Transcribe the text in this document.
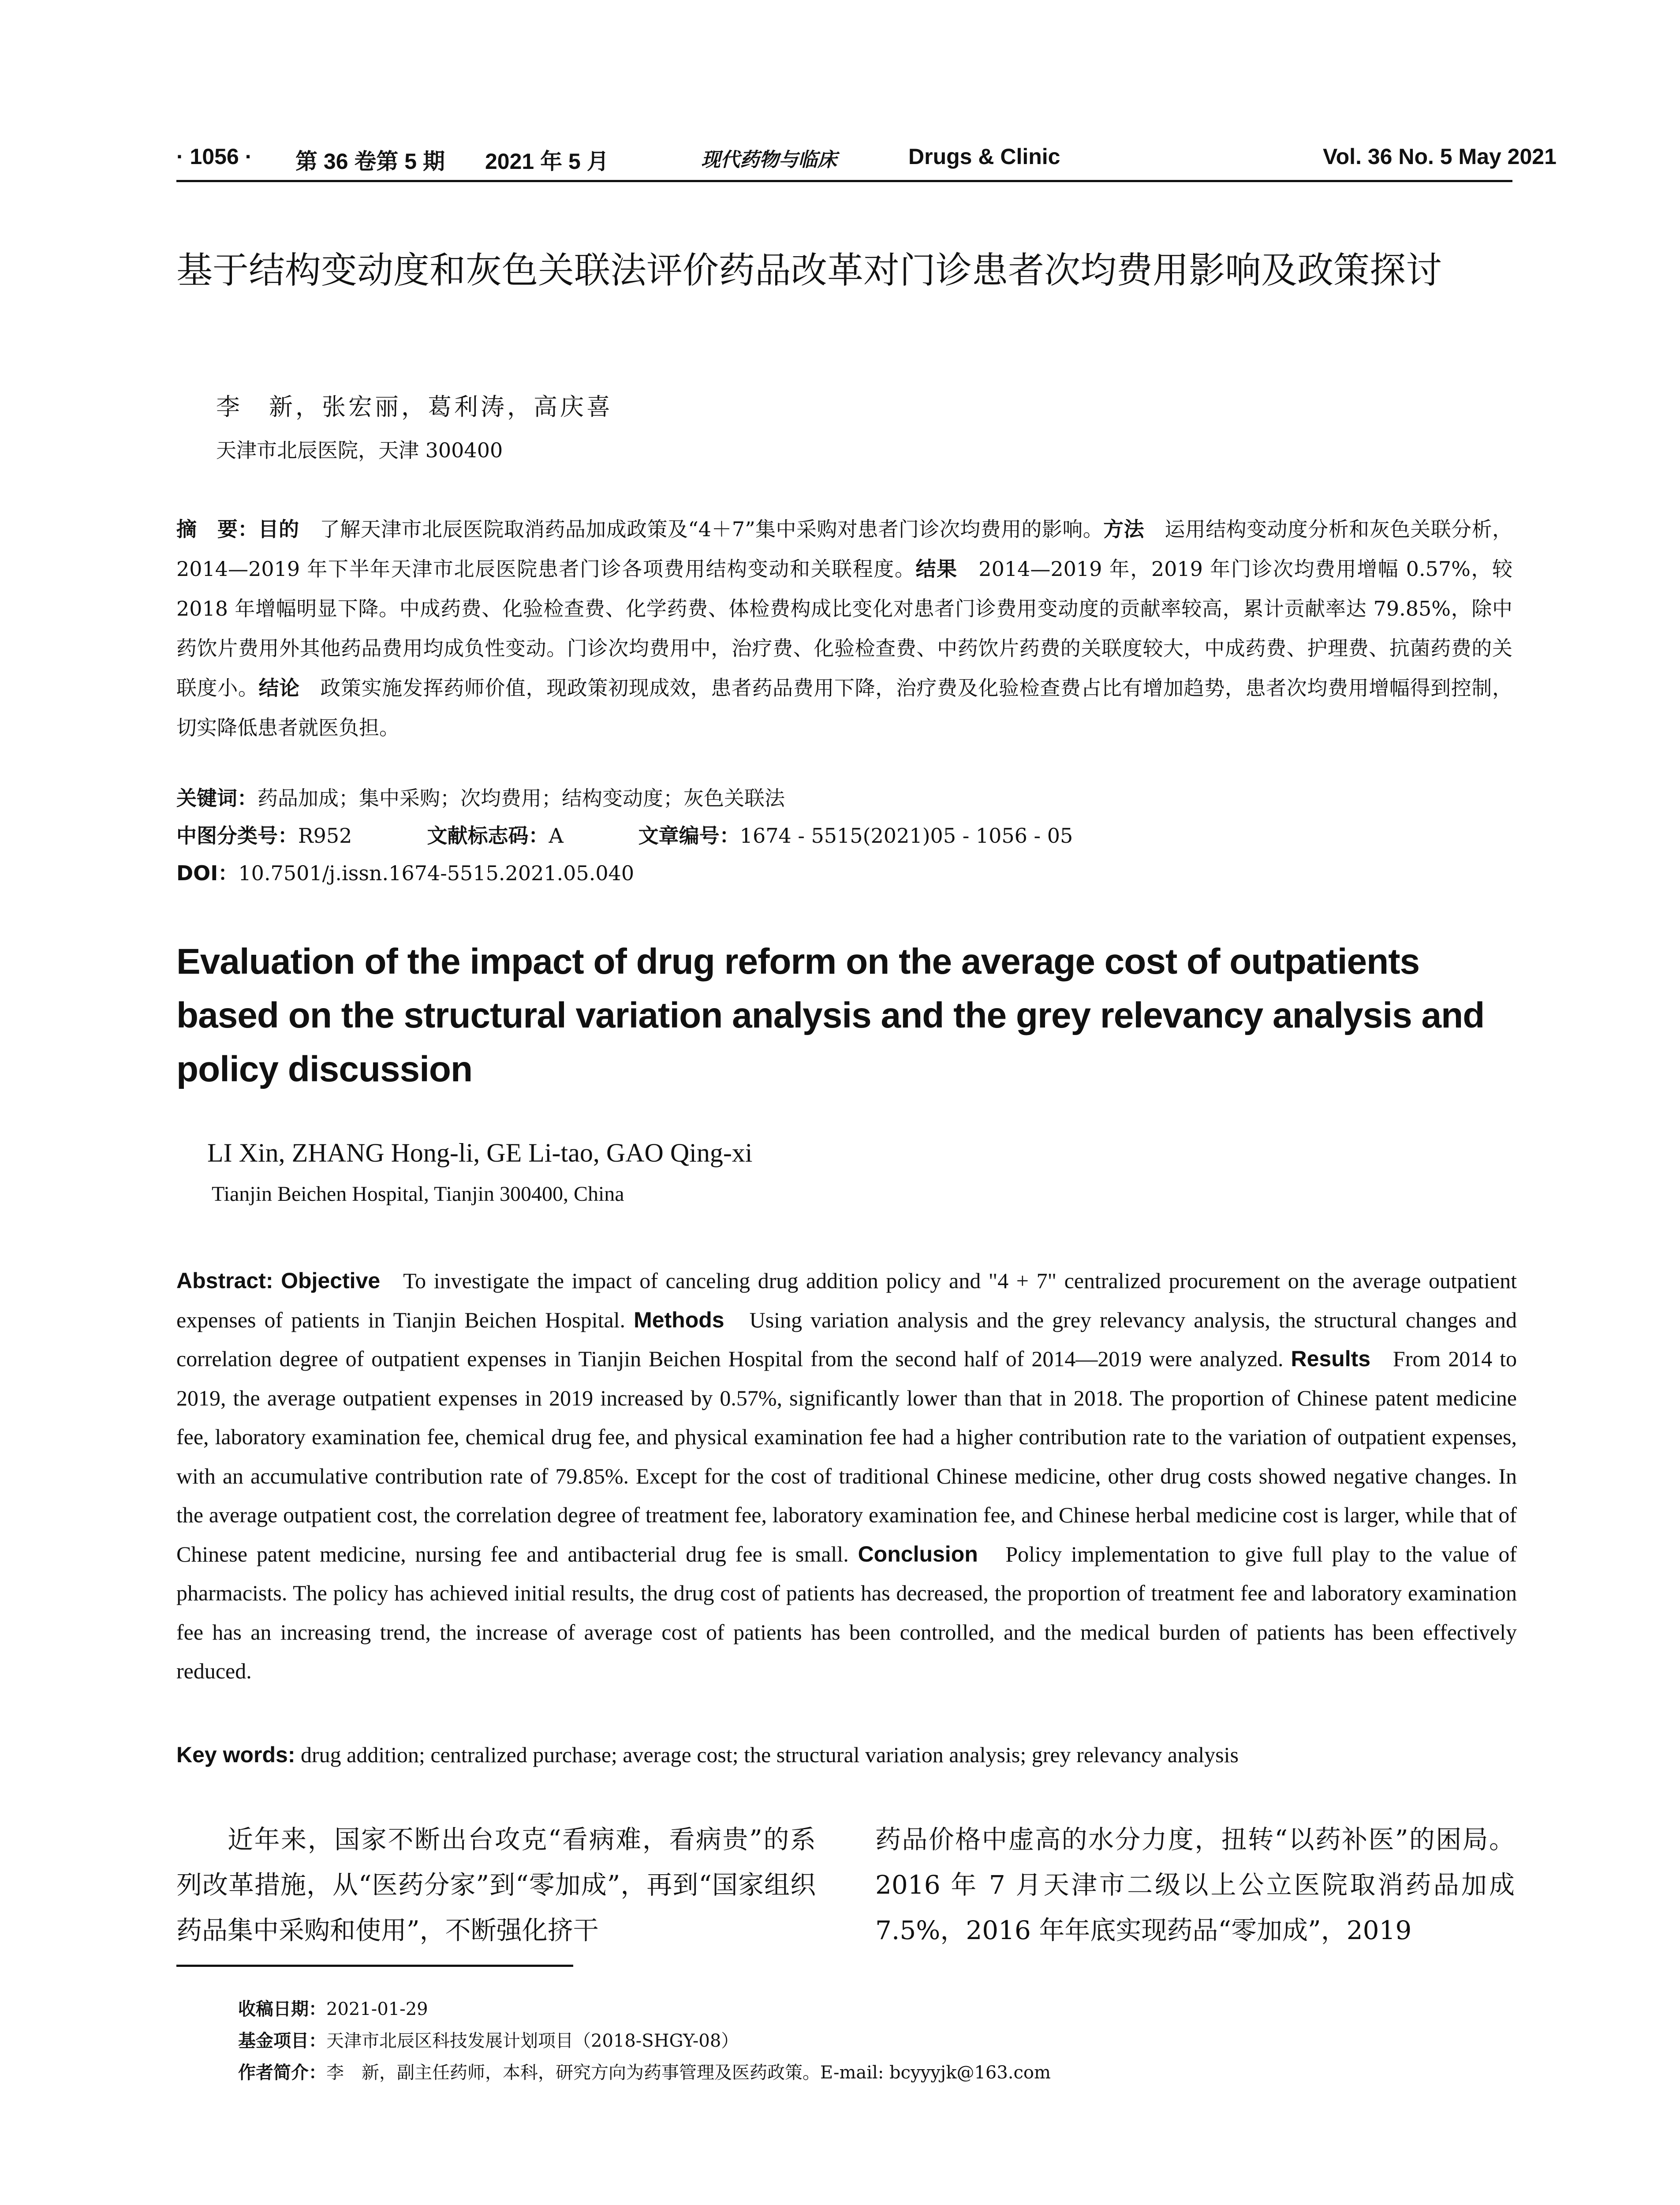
· 1056 · 第 36 卷第 5 期 2021 年 5 月	现代药物与临床	Drugs & Clinic	Vol. 36 No. 5 May 2021
基于结构变动度和灰色关联法评价药品改革对门诊患者次均费用影响及政策探讨
李　新，张宏丽，葛利涛，高庆喜
天津市北辰医院，天津 300400
摘　要：目的　了解天津市北辰医院取消药品加成政策及“4＋7”集中采购对患者门诊次均费用的影响。方法　运用结构变动度分析和灰色关联分析，2014—2019 年下半年天津市北辰医院患者门诊各项费用结构变动和关联程度。结果　2014—2019 年，2019 年门诊次均费用增幅 0.57%，较 2018 年增幅明显下降。中成药费、化验检查费、化学药费、体检费构成比变化对患者门诊费用变动度的贡献率较高，累计贡献率达 79.85%，除中药饮片费用外其他药品费用均成负性变动。门诊次均费用中，治疗费、化验检查费、中药饮片药费的关联度较大，中成药费、护理费、抗菌药费的关联度小。结论　政策实施发挥药师价值，现政策初现成效，患者药品费用下降，治疗费及化验检查费占比有增加趋势，患者次均费用增幅得到控制，切实降低患者就医负担。
关键词：药品加成；集中采购；次均费用；结构变动度；灰色关联法
中图分类号：R952	文献标志码：A	文章编号：1674 - 5515(2021)05 - 1056 - 05
DOI：10.7501/j.issn.1674-5515.2021.05.040
Evaluation of the impact of drug reform on the average cost of outpatients based on the structural variation analysis and the grey relevancy analysis and policy discussion
LI Xin, ZHANG Hong-li, GE Li-tao, GAO Qing-xi
Tianjin Beichen Hospital, Tianjin 300400, China
Abstract: Objective To investigate the impact of canceling drug addition policy and "4 + 7" centralized procurement on the average outpatient expenses of patients in Tianjin Beichen Hospital. Methods Using variation analysis and the grey relevancy analysis, the structural changes and correlation degree of outpatient expenses in Tianjin Beichen Hospital from the second half of 2014—2019 were analyzed. Results From 2014 to 2019, the average outpatient expenses in 2019 increased by 0.57%, significantly lower than that in 2018. The proportion of Chinese patent medicine fee, laboratory examination fee, chemical drug fee, and physical examination fee had a higher contribution rate to the variation of outpatient expenses, with an accumulative contribution rate of 79.85%. Except for the cost of traditional Chinese medicine, other drug costs showed negative changes. In the average outpatient cost, the correlation degree of treatment fee, laboratory examination fee, and Chinese herbal medicine cost is larger, while that of Chinese patent medicine, nursing fee and antibacterial drug fee is small. Conclusion Policy implementation to give full play to the value of pharmacists. The policy has achieved initial results, the drug cost of patients has decreased, the proportion of treatment fee and laboratory examination fee has an increasing trend, the increase of average cost of patients has been controlled, and the medical burden of patients has been effectively reduced.
Key words: drug addition; centralized purchase; average cost; the structural variation analysis; grey relevancy analysis
近年来，国家不断出台攻克“看病难，看病贵”的系列改革措施，从“医药分家”到“零加成”，再到“国家组织药品集中采购和使用”，不断强化挤干
药品价格中虚高的水分力度，扭转“以药补医”的困局。2016 年 7 月天津市二级以上公立医院取消药品加成 7.5%，2016 年年底实现药品“零加成”，2019
收稿日期：2021-01-29
基金项目：天津市北辰区科技发展计划项目（2018-SHGY-08）
作者简介：李　新，副主任药师，本科，研究方向为药事管理及医药政策。E-mail: bcyyyjk@163.com
